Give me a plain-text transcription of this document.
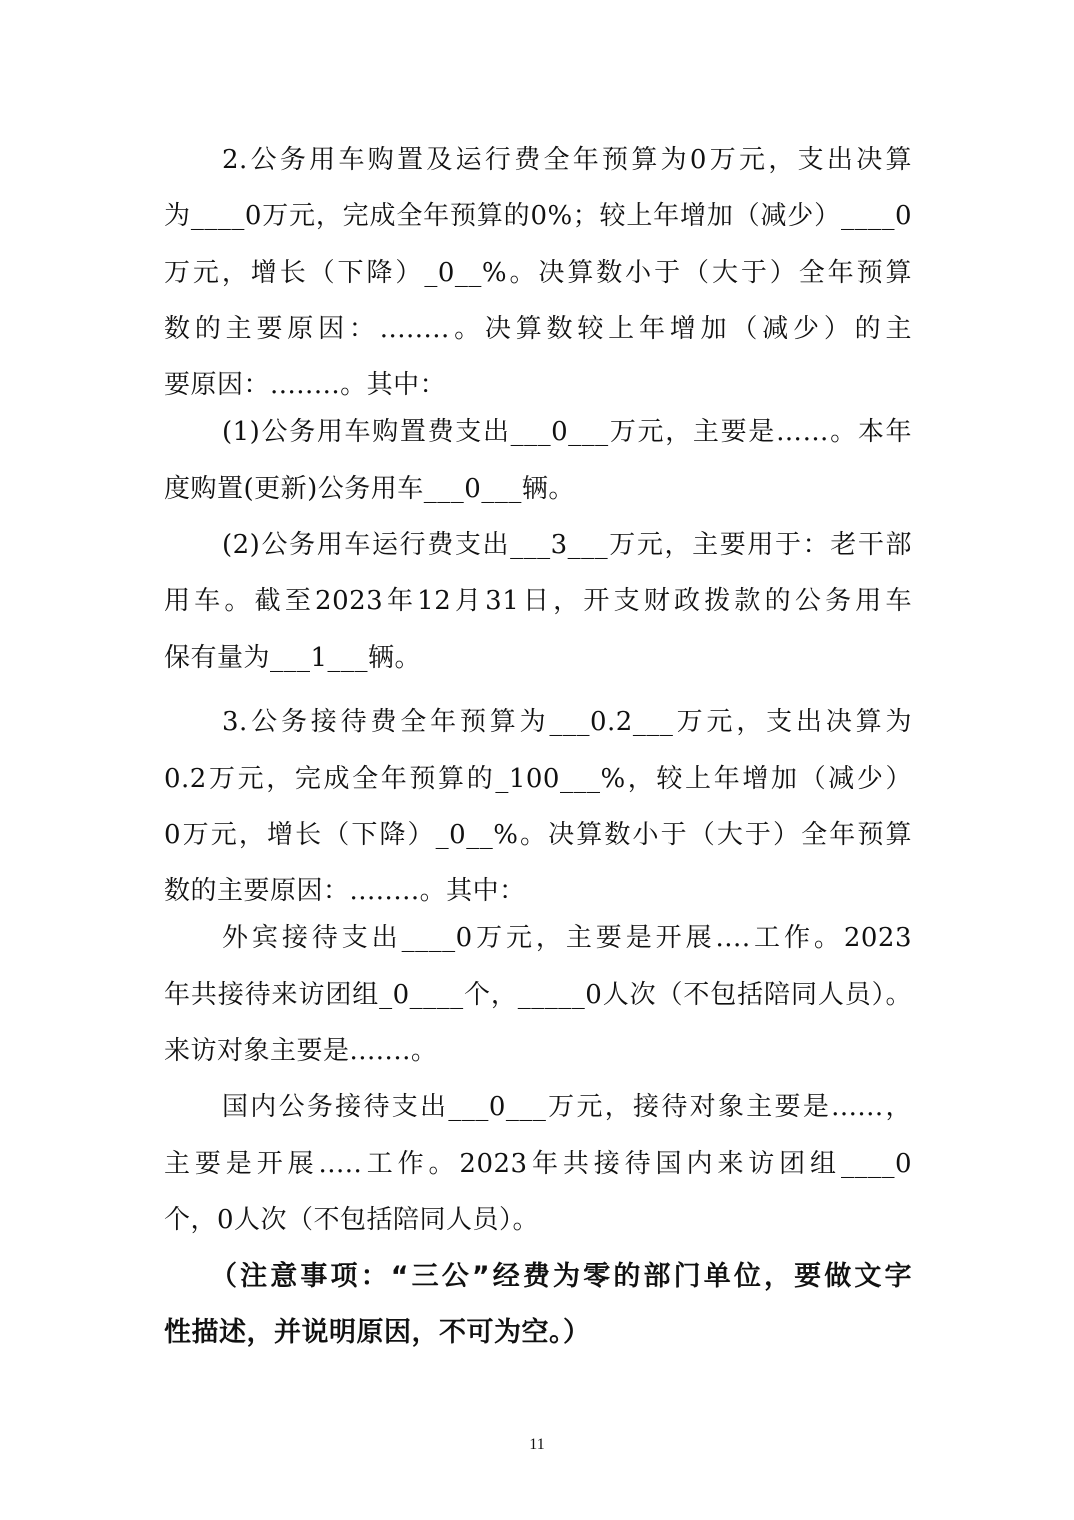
2.公务用车购置及运行费全年预算为0万元，支出决算
为____0万元，完成全年预算的0%；较上年增加（减少）____0
万元，增长（下降）_0__%。决算数小于（大于）全年预算
数的主要原因：........。决算数较上年增加（减少）的主
要原因：........。其中：
(1)公务用车购置费支出___0___万元，主要是……。本年
度购置(更新)公务用车___0___辆。
(2)公务用车运行费支出___3___万元，主要用于：老干部
用车。截至2023年12月31日，开支财政拨款的公务用车
保有量为___1___辆。
3.公务接待费全年预算为___0.2___万元，支出决算为
0.2万元，完成全年预算的_100___%，较上年增加（减少）
0万元，增长（下降）_0__%。决算数小于（大于）全年预算
数的主要原因：........。其中：
外宾接待支出____0万元，主要是开展....工作。2023
年共接待来访团组_0____个，_____0人次（不包括陪同人员）。
来访对象主要是.......。
国内公务接待支出___0___万元，接待对象主要是......，
主要是开展.....工作。2023年共接待国内来访团组____0
个，0人次（不包括陪同人员）。
（注意事项：“三公”经费为零的部门单位，要做文字
性描述，并说明原因，不可为空。）
11
